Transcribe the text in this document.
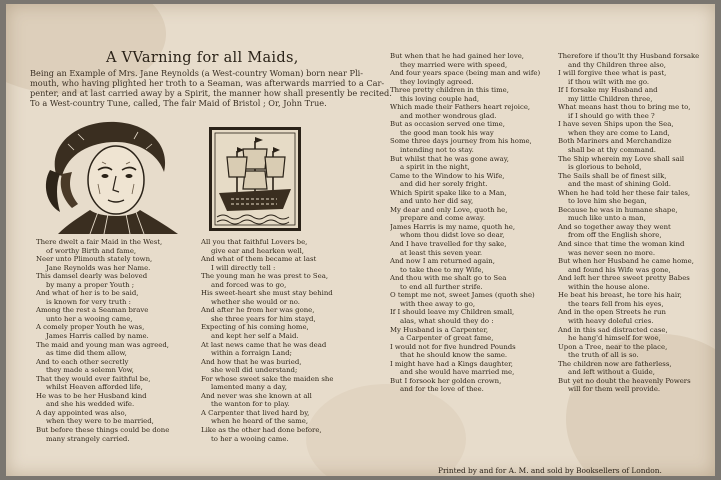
A VVarning for all Maids,
Being an Example of Mrs. Jane Reynolds (a West-country Woman) born near Pli-
mouth, who having plighted her troth to a Seaman, was afterwards married to a Car-
penter, and at last carried away by a Spirit, the manner how shall presently be recited.
To a West-country Tune, called, The fair Maid of Bristol ; Or, John True.
There dwelt a fair Maid in the West,
of worthy Birth and fame,
Neer unto Plimouth stately town,
Jane Reynolds was her Name.
This damsel dearly was beloved
by many a proper Youth ;
And what of her is to be said,
is known for very truth :
Among the rest a Seaman brave
unto her a wooing came,
A comely proper Youth he was,
James Harris called by name.
The maid and young man was agreed,
as time did them allow,
And to each other secretly
they made a solemn Vow,
That they would ever faithful be,
whilst Heaven afforded life,
He was to be her Husband kind
and she his wedded wife.
A day appointed was also,
when they were to be married,
But before these things could be done
many strangely carried.
All you that faithful Lovers be,
give ear and hearken well,
And what of them became at last
I will directly tell :
The young man he was prest to Sea,
and forced was to go,
His sweet-heart she must stay behind
whether she would or no.
And after he from her was gone,
she three years for him stayd,
Expecting of his coming home,
and kept her self a Maid.
At last news came that he was dead
within a forraign Land;
And how that he was buried,
she well did understand;
For whose sweet sake the maiden she
lamented many a day,
And never was she known at all
the wanton for to play.
A Carpenter that lived hard by,
when he heard of the same,
Like as the other had done before,
to her a wooing came.
But when that he had gained her love,
they married were with speed,
And four years space (being man and wife)
they lovingly agreed.
Three pretty children in this time,
this loving couple had,
Which made their Fathers heart rejoice,
and mother wondrous glad.
But as occasion served one time,
the good man took his way
Some three days journey from his home,
intending not to stay.
But whilst that he was gone away,
a spirit in the night,
Came to the Window to his Wife,
and did her sorely fright.
Which Spirit spake like to a Man,
and unto her did say,
My dear and only Love, quoth he,
prepare and come away.
James Harris is my name, quoth he,
whom thou didst love so dear,
And I have travelled for thy sake,
at least this seven year.
And now I am returned again,
to take thee to my Wife,
And thou with me shalt go to Sea
to end all further strife.
O tempt me not, sweet James (quoth she)
with thee away to go,
If I should leave my Children small,
alas, what should they do :
My Husband is a Carpenter,
a Carpenter of great fame,
I would not for five hundred Pounds
that he should know the same.
I might have had a Kings daughter,
and she would have married me,
But I forsook her golden crown,
and for the love of thee.
Therefore if thou'lt thy Husband forsake
and thy Children three also,
I will forgive thee what is past,
if thou wilt with me go.
If I forsake my Husband and
my little Children three,
What means hast thou to bring me to,
if I should go with thee ?
I have seven Ships upon the Sea,
when they are come to Land,
Both Mariners and Merchandize
shall be at thy command.
The Ship wherein my Love shall sail
is glorious to behold,
The Sails shall be of finest silk,
and the mast of shining Gold.
When he had told her these fair tales,
to love him she began,
Because he was in humane shape,
much like unto a man,
And so together away they went
from off the English shore,
And since that time the woman kind
was never seen no more.
But when her Husband he came home,
and found his Wife was gone,
And left her three sweet pretty Babes
within the house alone.
He beat his breast, he tore his hair,
the tears fell from his eyes,
And in the open Streets he run
with heavy doleful cries.
And in this sad distracted case,
he hang'd himself for woe,
Upon a Tree, near to the place,
the truth of all is so.
The children now are fatherless,
and left without a Guide,
But yet no doubt the heavenly Powers
will for them well provide.
Printed by and for A. M. and sold by Booksellers of London.
